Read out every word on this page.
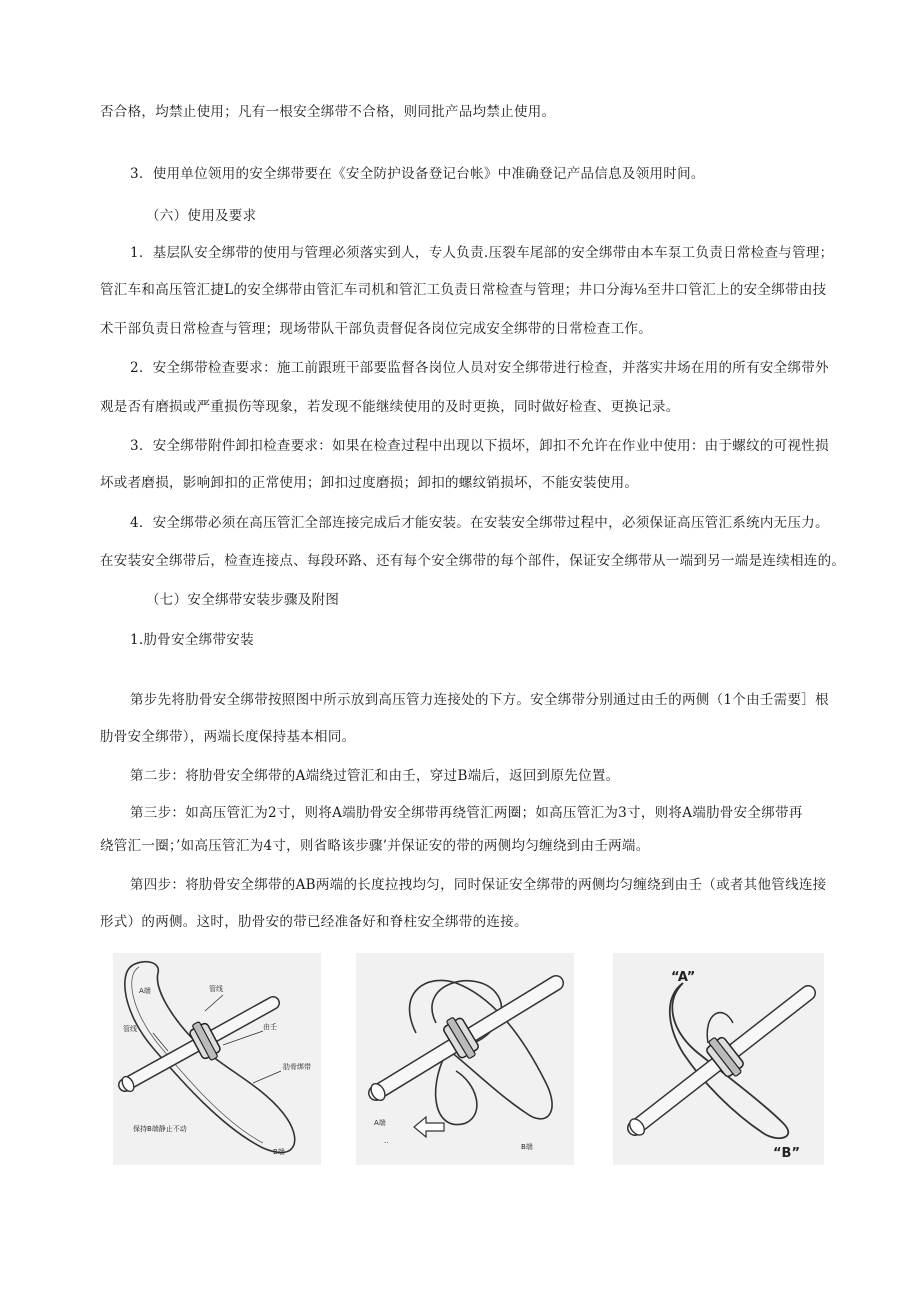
否合格，均禁止使用；凡有一根安全绑带不合格，则同批产品均禁止使用。
3．使用单位领用的安全绑带要在《安全防护设备登记台帐》中准确登记产品信息及领用时间。
（六）使用及要求
1．基层队安全绑带的使用与管理必须落实到人，专人负责.压裂车尾部的安全绑带由本车泵工负责日常检查与管理；
管汇车和高压管汇捷L的安全绑带由管汇车司机和管汇工负责日常检查与管理；井口分海⅛至井口管汇上的安全绑带由技
术干部负责日常检查与管理；现场带队干部负责督促各岗位完成安全绑带的日常检查工作。
2．安全绑带检查要求：施工前跟班干部要监督各岗位人员对安全绑带进行检查，并落实井场在用的所有安全绑带外
观是否有磨损或严重损伤等现象，若发现不能继续使用的及时更换，同时做好检查、更换记录。
3．安全绑带附件卸扣检查要求：如果在检查过程中出现以下损坏，卸扣不允许在作业中使用：由于螺纹的可视性损
坏或者磨损，影响卸扣的正常使用；卸扣过度磨损；卸扣的螺纹销损坏，不能安装使用。
4．安全绑带必须在高压管汇全部连接完成后才能安装。在安装安全绑带过程中，必须保证高压管汇系统内无压力。
在安装安全绑带后，检查连接点、每段环路、还有每个安全绑带的每个部件，保证安全绑带从一端到另一端是连续相连的。
（七）安全绑带安装步骤及附图
1.肋骨安全绑带安装
第步先将肋骨安全绑带按照图中所示放到高压管力连接处的下方。安全绑带分别通过由壬的两侧（1个由壬需要］根
肋骨安全绑带），两端长度保持基本相同。
第二步：将肋骨安全绑带的A端绕过管汇和由壬，穿过B端后，返回到原先位置。
第三步：如高压管汇为2寸，则将A端肋骨安全绑带再绕管汇两圈；如高压管汇为3寸，则将A端肋骨安全绑带再
绕管汇一圈；’如高压管汇为4寸，则省略该步骤’并保证安的带的两侧均匀缠绕到由壬两端。
第四步：将肋骨安全绑带的AB两端的长度拉拽均匀，同时保证安全绑带的两侧均匀缠绕到由壬（或者其他管线连接
形式）的两侧。这时，肋骨安的带已经准备好和脊柱安全绑带的连接。
A端	管线
管线	由壬
肋骨绑带
保持B端静止不动
B端
A端
..
B端
“A”
“B”
